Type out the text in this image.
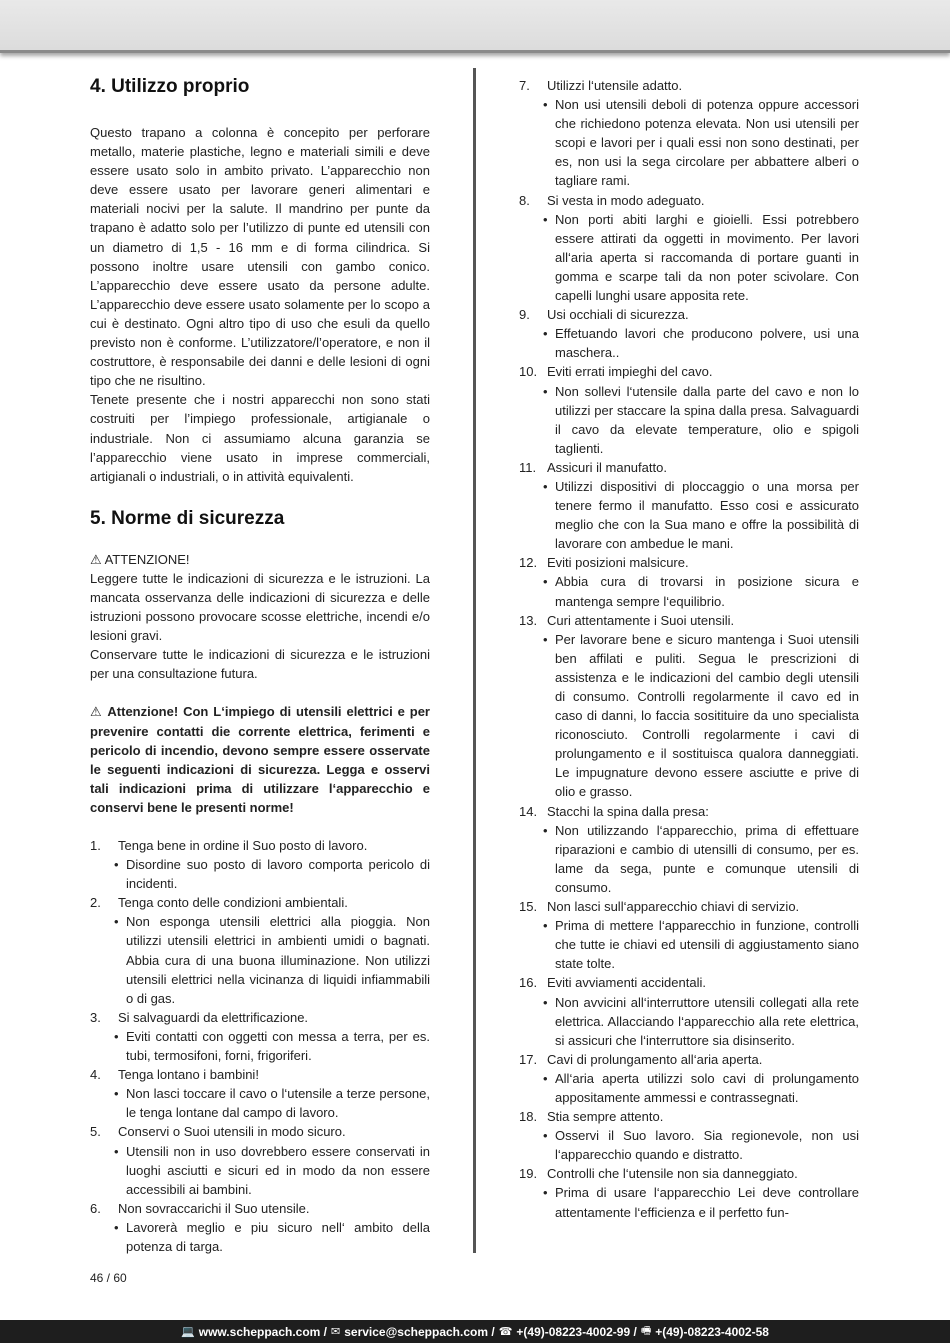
4. Utilizzo proprio

Questo trapano a colonna è concepito per perforare metallo, materie plastiche, legno e materiali simili e deve essere usato solo in ambito privato. L’apparecchio non deve essere usato per lavorare generi alimentari e materiali nocivi per la salute. Il mandrino per punte da trapano è adatto solo per l’utilizzo di punte ed utensili con un diametro di 1,5 - 16 mm e di forma cilindrica. Si possono inoltre usare utensili con gambo conico. L’apparecchio deve essere usato da persone adulte. L’apparecchio deve essere usato solamente per lo scopo a cui è destinato. Ogni altro tipo di uso che esuli da quello previsto non è conforme. L’utilizzatore/l’operatore, e non il costruttore, è responsabile dei danni e delle lesioni di ogni tipo che ne risultino.

Tenete presente che i nostri apparecchi non sono stati costruiti per l’impiego professionale, artigianale o industriale. Non ci assumiamo alcuna garanzia se l’apparecchio viene usato in imprese commerciali, artigianali o industriali, o in attività equivalenti.

5. Norme di sicurezza

⚠ ATTENZIONE!

Leggere tutte le indicazioni di sicurezza e le istruzioni. La mancata osservanza delle indicazioni di sicurezza e delle istruzioni possono provocare scosse elettriche, incendi e/o lesioni gravi.

Conservare tutte le indicazioni di sicurezza e le istruzioni per una consultazione futura.

⚠ Attenzione! Con L‘impiego di utensili elettrici e per prevenire contatti die corrente elettrica, ferimenti e pericolo di incendio, devono sempre essere osservate le seguenti indicazioni di sicurezza. Legga e osservi tali indicazioni prima di utilizzare l‘apparecchio e conservi bene le presenti norme!

1. Tenga bene in ordine il Suo posto di lavoro.

• Disordine suo posto di lavoro comporta pericolo di incidenti.

2. Tenga conto delle condizioni ambientali.

• Non esponga utensili elettrici alla pioggia. Non utilizzi utensili elettrici in ambienti umidi o bagnati. Abbia cura di una buona illuminazione. Non utilizzi utensili elettrici nella vicinanza di liquidi infiammabili o di gas.

3. Si salvaguardi da elettrificazione.

• Eviti contatti con oggetti con messa a terra, per es. tubi, termosifoni, forni, frigoriferi.

4. Tenga lontano i bambini!

• Non lasci toccare il cavo o l‘utensile a terze persone, le tenga lontane dal campo di lavoro.

5. Conservi o Suoi utensili in modo sicuro.

• Utensili non in uso dovrebbero essere conservati in luoghi asciutti e sicuri ed in modo da non essere accessibili ai bambini.

6. Non sovraccarichi il Suo utensile.

• Lavorerà meglio e piu sicuro nell‘ ambito della potenza di targa.

7. Utilizzi l‘utensile adatto.

• Non usi utensili deboli di potenza oppure accessori che richiedono potenza elevata. Non usi utensili per scopi e lavori per i quali essi non sono destinati, per es, non usi la sega circolare per abbattere alberi o tagliare rami.

8. Si vesta in modo adeguato.

• Non porti abiti larghi e gioielli. Essi potrebbero essere attirati da oggetti in movimento. Per lavori all‘aria aperta si raccomanda di portare guanti in gomma e scarpe tali da non poter scivolare. Con capelli lunghi usare apposita rete.

9. Usi occhiali di sicurezza.

• Effetuando lavori che producono polvere, usi una maschera..

10. Eviti errati impieghi del cavo.

• Non sollevi l‘utensile dalla parte del cavo e non lo utilizzi per staccare la spina dalla presa. Salvaguardi il cavo da elevate temperature, olio e spigoli taglienti.

11. Assicuri il manufatto.

• Utilizzi dispositivi di ploccaggio o una morsa per tenere fermo il manufatto. Esso cosi e assicurato meglio che con la Sua mano e offre la possibilità di lavorare con ambedue le mani.

12. Eviti posizioni malsicure.

• Abbia cura di trovarsi in posizione sicura e mantenga sempre l‘equilibrio.

13. Curi attentamente i Suoi utensili.

• Per lavorare bene e sicuro mantenga i Suoi utensili ben affilati e puliti. Segua le prescrizioni di assistenza e le indicazioni del cambio degli utensili di consumo. Controlli regolarmente il cavo ed in caso di danni, lo faccia sositituire da uno specialista riconosciuto. Controlli regolarmente i cavi di prolungamento e il sostituisca qualora danneggiati. Le impugnature devono essere asciutte e prive di olio e grasso.

14. Stacchi la spina dalla presa:

• Non utilizzando l‘apparecchio, prima di effettuare riparazioni e cambio di utensilli di consumo, per es. lame da sega, punte e comunque utensili di consumo.

15. Non lasci sull‘apparecchio chiavi di servizio.

• Prima di mettere l‘apparecchio in funzione, controlli che tutte ie chiavi ed utensili di aggiustamento siano state tolte.

16. Eviti avviamenti accidentali.

• Non avvicini all‘interruttore utensili collegati alla rete elettrica. Allacciando l‘apparecchio alla rete elettrica, si assicuri che l‘interruttore sia disinserito.

17. Cavi di prolungamento all‘aria aperta.

• All‘aria aperta utilizzi solo cavi di prolungamento appositamente ammessi e contrassegnati.

18. Stia sempre attento.

• Osservi il Suo lavoro. Sia regionevole, non usi l‘apparecchio quando e distratto.

19. Controlli che l‘utensile non sia danneggiato.

• Prima di usare l‘apparecchio Lei deve controllare attentamente l‘efficienza e il perfetto fun-

46 / 60
💻 www.scheppach.com / ✉ service@scheppach.com / ☎ +(49)-08223-4002-99 / 🖷 +(49)-08223-4002-58
